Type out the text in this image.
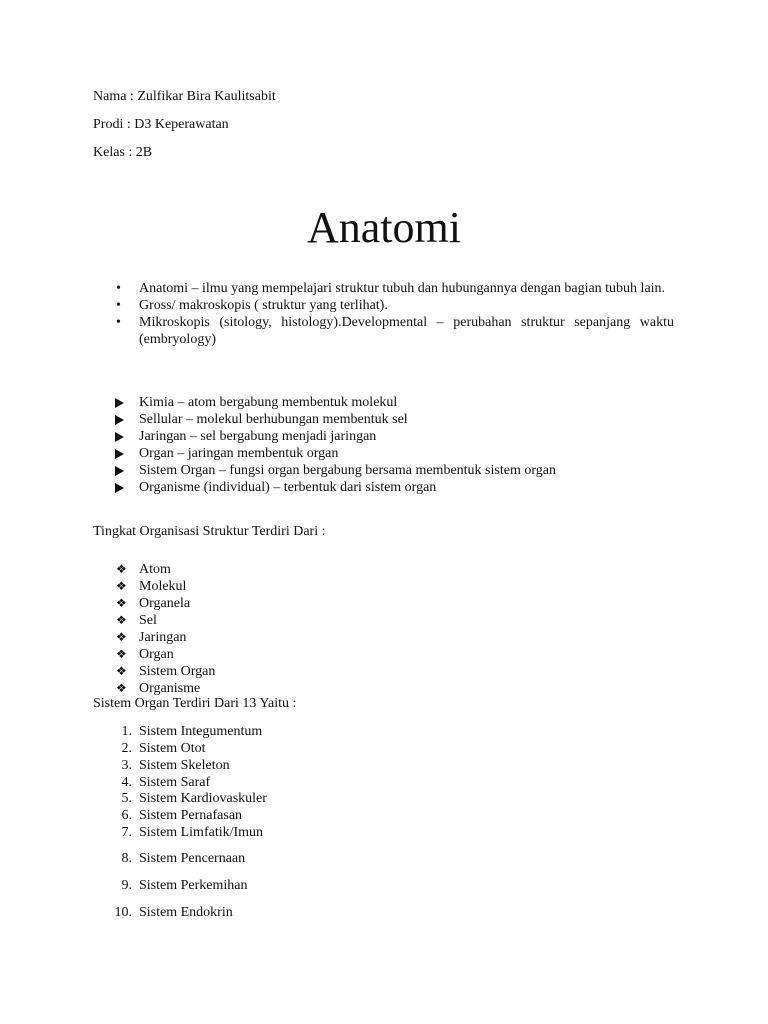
Nama : Zulfikar Bira Kaulitsabit
Prodi : D3 Keperawatan
Kelas : 2B
Anatomi
• Anatomi – ilmu yang mempelajari struktur tubuh dan hubungannya dengan bagian tubuh lain.
• Gross/ makroskopis ( struktur yang terlihat).
• Mikroskopis (sitology, histology).Developmental – perubahan struktur sepanjang waktu (embryology)
Kimia – atom bergabung membentuk molekul
Sellular – molekul berhubungan membentuk sel
Jaringan – sel bergabung menjadi jaringan
Organ – jaringan membentuk organ
Sistem Organ – fungsi organ bergabung bersama membentuk sistem organ
Organisme (individual) – terbentuk dari sistem organ
Tingkat Organisasi Struktur Terdiri Dari :
❖ Atom
❖ Molekul
❖ Organela
❖ Sel
❖ Jaringan
❖ Organ
❖ Sistem Organ
❖ Organisme
Sistem Organ Terdiri Dari 13 Yaitu :
1. Sistem Integumentum
2. Sistem Otot
3. Sistem Skeleton
4. Sistem Saraf
5. Sistem Kardiovaskuler
6. Sistem Pernafasan
7. Sistem Limfatik/Imun
8. Sistem Pencernaan
9. Sistem Perkemihan
10. Sistem Endokrin
